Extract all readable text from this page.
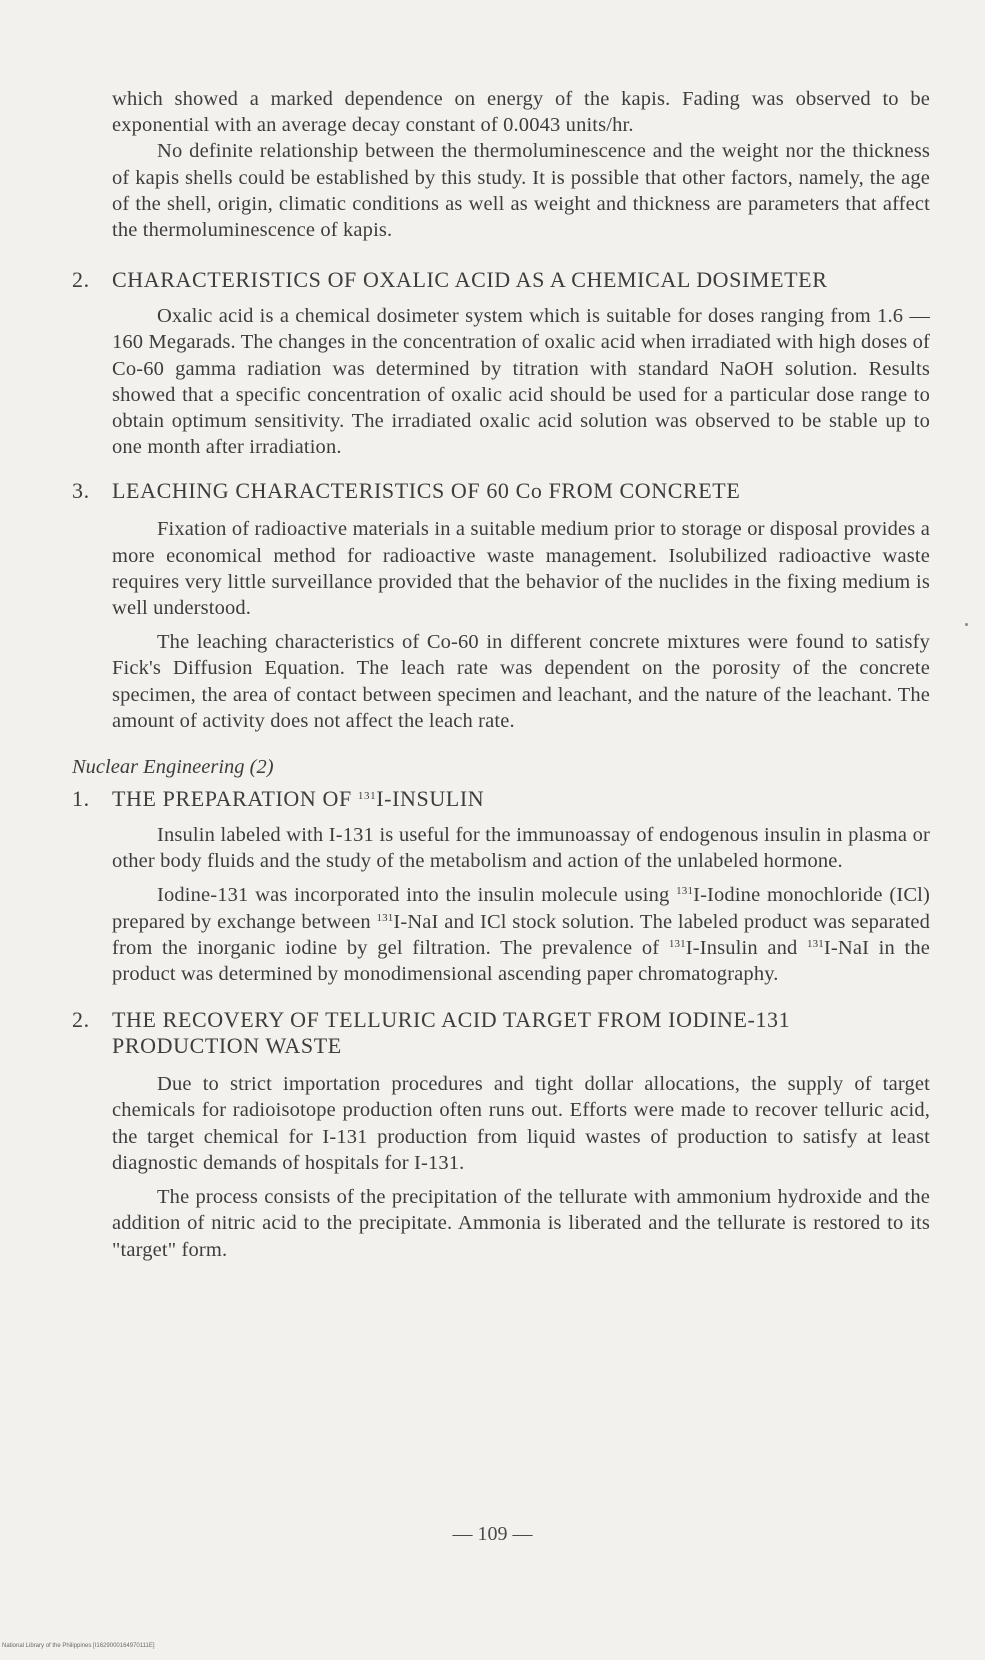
which showed a marked dependence on energy of the kapis. Fading was observed to be exponential with an average decay constant of 0.0043 units/hr.

No definite relationship between the thermoluminescence and the weight nor the thickness of kapis shells could be established by this study. It is possible that other factors, namely, the age of the shell, origin, climatic conditions as well as weight and thickness are parameters that affect the thermoluminescence of kapis.

2. CHARACTERISTICS OF OXALIC ACID AS A CHEMICAL DOSIMETER

Oxalic acid is a chemical dosimeter system which is suitable for doses ranging from 1.6 — 160 Megarads. The changes in the concentration of oxalic acid when irradiated with high doses of Co-60 gamma radiation was determined by titration with standard NaOH solution. Results showed that a specific concentration of oxalic acid should be used for a particular dose range to obtain optimum sensitivity. The irradiated oxalic acid solution was observed to be stable up to one month after irradiation.

3. LEACHING CHARACTERISTICS OF 60 Co FROM CONCRETE

Fixation of radioactive materials in a suitable medium prior to storage or disposal provides a more economical method for radioactive waste management. Isolubilized radioactive waste requires very little surveillance provided that the behavior of the nuclides in the fixing medium is well understood.

The leaching characteristics of Co-60 in different concrete mixtures were found to satisfy Fick's Diffusion Equation. The leach rate was dependent on the porosity of the concrete specimen, the area of contact between specimen and leachant, and the nature of the leachant. The amount of activity does not affect the leach rate.

Nuclear Engineering (2)

1. THE PREPARATION OF $^{131}$I-INSULIN

Insulin labeled with I-131 is useful for the immunoassay of endogenous insulin in plasma or other body fluids and the study of the metabolism and action of the unlabeled hormone.

Iodine-131 was incorporated into the insulin molecule using $^{131}$I-Iodine monochloride (ICl) prepared by exchange between $^{131}$I-NaI and ICl stock solution. The labeled product was separated from the inorganic iodine by gel filtration. The prevalence of $^{131}$I-Insulin and $^{131}$I-NaI in the product was determined by monodimensional ascending paper chromatography.

2. THE RECOVERY OF TELLURIC ACID TARGET FROM IODINE-131 PRODUCTION WASTE

Due to strict importation procedures and tight dollar allocations, the supply of target chemicals for radioisotope production often runs out. Efforts were made to recover telluric acid, the target chemical for I-131 production from liquid wastes of production to satisfy at least diagnostic demands of hospitals for I-131.

The process consists of the precipitation of the tellurate with ammonium hydroxide and the addition of nitric acid to the precipitate. Ammonia is liberated and the tellurate is restored to its "target" form.

— 109 —
National Library of the Philippines [I1629000164970111E]
